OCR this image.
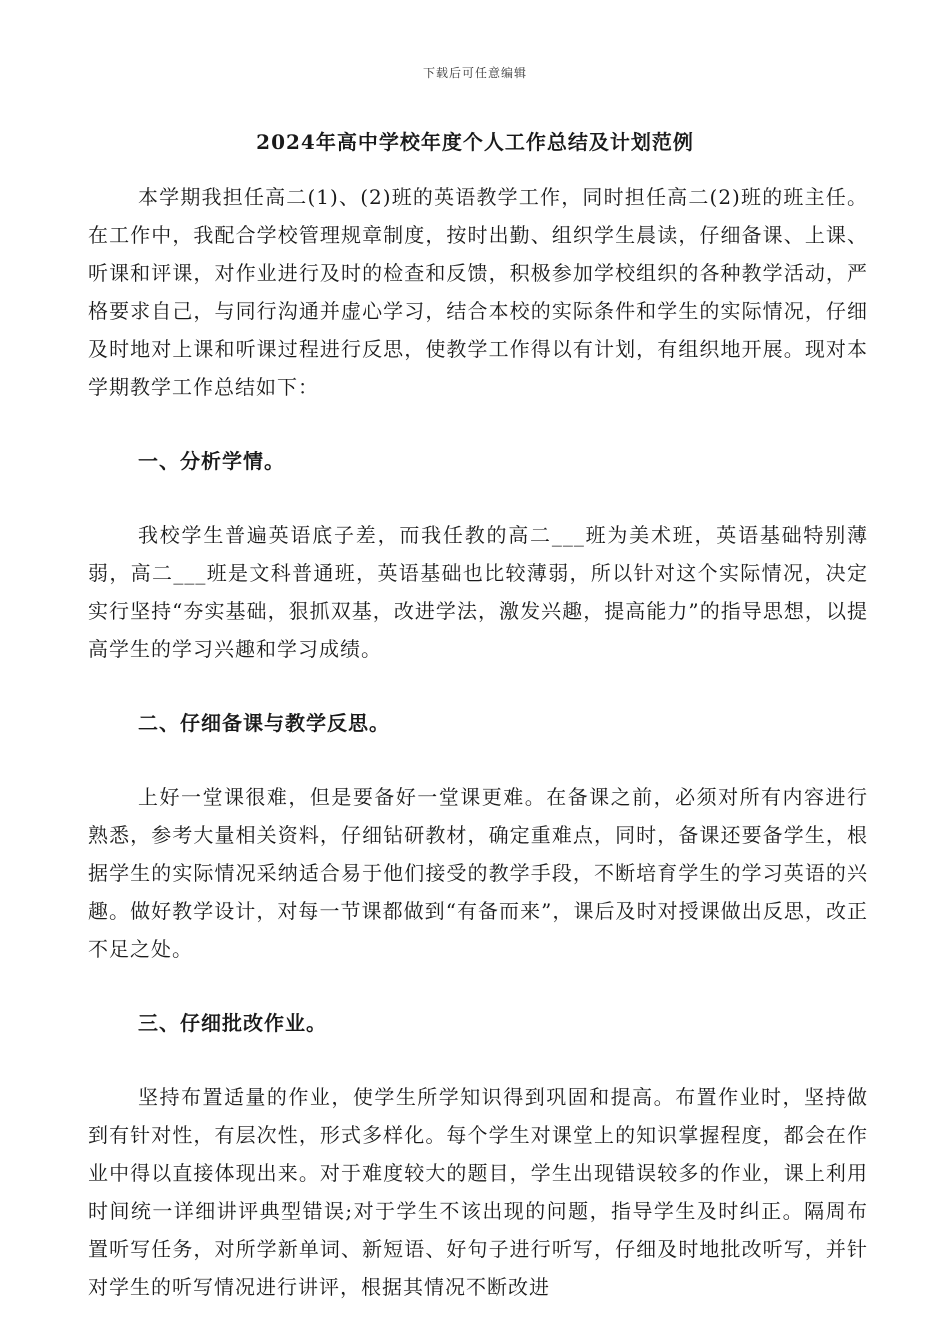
下载后可任意编辑
2024年高中学校年度个人工作总结及计划范例

本学期我担任高二(1)、(2)班的英语教学工作，同时担任高二(2)班的班主任。在工作中，我配合学校管理规章制度，按时出勤、组织学生晨读，仔细备课、上课、听课和评课，对作业进行及时的检查和反馈，积极参加学校组织的各种教学活动，严格要求自己，与同行沟通并虚心学习，结合本校的实际条件和学生的实际情况，仔细及时地对上课和听课过程进行反思，使教学工作得以有计划，有组织地开展。现对本学期教学工作总结如下：

一、分析学情。

我校学生普遍英语底子差，而我任教的高二___班为美术班，英语基础特别薄弱，高二___班是文科普通班，英语基础也比较薄弱，所以针对这个实际情况，决定实行坚持“夯实基础，狠抓双基，改进学法，激发兴趣，提高能力”的指导思想，以提高学生的学习兴趣和学习成绩。

二、仔细备课与教学反思。

上好一堂课很难，但是要备好一堂课更难。在备课之前，必须对所有内容进行熟悉，参考大量相关资料，仔细钻研教材，确定重难点，同时，备课还要备学生，根据学生的实际情况采纳适合易于他们接受的教学手段，不断培育学生的学习英语的兴趣。做好教学设计，对每一节课都做到“有备而来”，课后及时对授课做出反思，改正不足之处。

三、仔细批改作业。

坚持布置适量的作业，使学生所学知识得到巩固和提高。布置作业时，坚持做到有针对性，有层次性，形式多样化。每个学生对课堂上的知识掌握程度，都会在作业中得以直接体现出来。对于难度较大的题目，学生出现错误较多的作业，课上利用时间统一详细讲评典型错误;对于学生不该出现的问题，指导学生及时纠正。隔周布置听写任务，对所学新单词、新短语、好句子进行听写，仔细及时地批改听写，并针对学生的听写情况进行讲评，根据其情况不断改进
